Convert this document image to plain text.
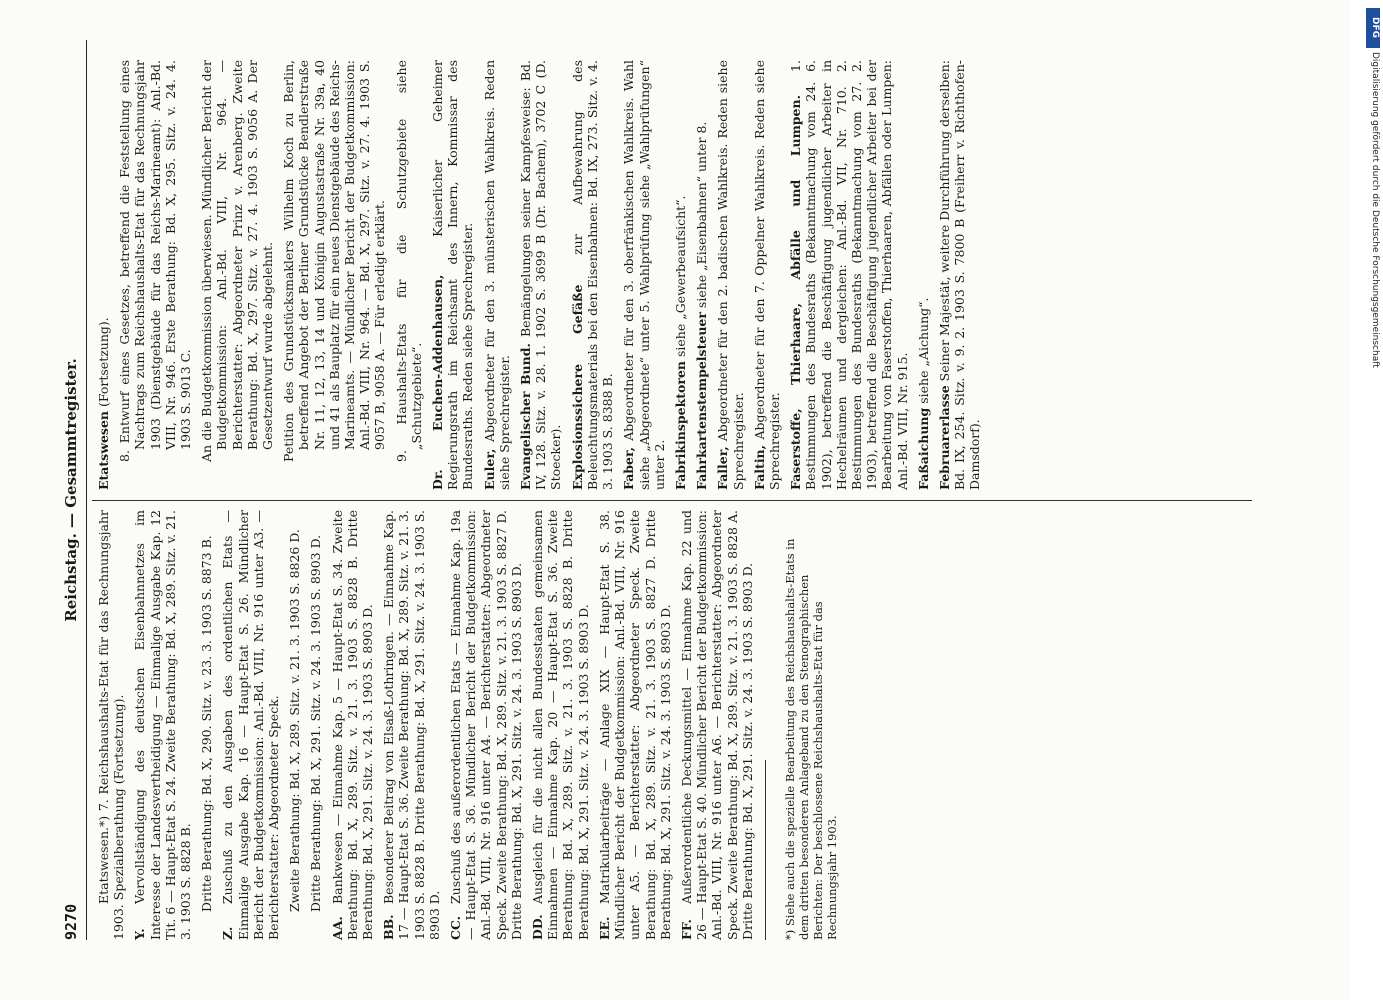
9270
Reichstag. — Gesammtregister.

Etatswesen.*) 7. Reichshaushalts-Etat für das Rechnungsjahr 1903. Spezialberathung (Fortsetzung). Y.Vervollständigung des deutschen Eisenbahnnetzes im Interesse der Landesvertheidigung — Einmalige Ausgabe Kap. 12 Tit. 6 — Haupt-Etat S. 24. Zweite Berathung: Bd. X, 289. Sitz. v. 21. 3. 1903 S. 8828 B. Dritte Berathung: Bd. X, 290. Sitz. v. 23. 3. 1903 S. 8873 B.

Z.Zuschuß zu den Ausgaben des ordentlichen Etats — Einmalige Ausgabe Kap. 16 — Haupt-Etat S. 26. Mündlicher Bericht der Budgetkommission: Anl.-Bd. VIII, Nr. 916 unter A3. — Berichterstatter: Abgeordneter Speck. Zweite Berathung: Bd. X, 289. Sitz. v. 21. 3. 1903 S. 8826 D. Dritte Berathung: Bd. X, 291. Sitz. v. 24. 3. 1903 S. 8903 D.

AA.Bankwesen — Einnahme Kap. 5 — Haupt-Etat S. 34. Zweite Berathung: Bd. X, 289. Sitz. v. 21. 3. 1903 S. 8828 B. Dritte Berathung: Bd. X, 291. Sitz. v. 24. 3. 1903 S. 8903 D. BB.Besonderer Beitrag von Elsaß-Lothringen. — Einnahme Kap. 17 — Haupt-Etat S. 36. Zweite Berathung: Bd. X, 289. Sitz. v. 21. 3. 1903 S. 8828 B. Dritte Berathung: Bd. X, 291. Sitz. v. 24. 3. 1903 S. 8903 D. CC.Zuschuß des außerordentlichen Etats — Einnahme Kap. 19a — Haupt-Etat S. 36. Mündlicher Bericht der Budgetkommission: Anl.-Bd. VIII, Nr. 916 unter A4. — Berichterstatter: Abgeordneter Speck. Zweite Berathung: Bd. X, 289. Sitz. v. 21. 3. 1903 S. 8827 D. Dritte Berathung: Bd. X, 291. Sitz. v. 24. 3. 1903 S. 8903 D. DD.Ausgleich für die nicht allen Bundesstaaten gemeinsamen Einnahmen — Einnahme Kap. 20 — Haupt-Etat S. 36. Zweite Berathung: Bd. X, 289. Sitz. v. 21. 3. 1903 S. 8828 B. Dritte Berathung: Bd. X, 291. Sitz. v. 24. 3. 1903 S. 8903 D. EE.Matrikularbeiträge — Anlage XIX — Haupt-Etat S. 38. Mündlicher Bericht der Budgetkommission: Anl.-Bd. VIII, Nr. 916 unter A5. — Berichterstatter: Abgeordneter Speck. Zweite Berathung: Bd. X, 289. Sitz. v. 21. 3. 1903 S. 8827 D. Dritte Berathung: Bd. X, 291. Sitz. v. 24. 3. 1903 S. 8903 D. FF.Außerordentliche Deckungsmittel — Einnahme Kap. 22 und 26 — Haupt-Etat S. 40. Mündlicher Bericht der Budgetkommission: Anl.-Bd. VIII, Nr. 916 unter A6. — Berichterstatter: Abgeordneter Speck. Zweite Berathung: Bd. X, 289. Sitz. v. 21. 3. 1903 S. 8828 A. Dritte Berathung: Bd. X, 291. Sitz. v. 24. 3. 1903 S. 8903 D. *) Siehe auch die spezielle Bearbeitung des Reichshaushalts-Etats in dem dritten besonderen Anlageband zu den Stenographischen Berichten: Der beschlossene Reichshaushalts-Etat für das Rechnungsjahr 1903.

Etatswesen (Fortsetzung). 8. Entwurf eines Gesetzes, betreffend die Feststellung eines Nachtrags zum Reichshaushalts-Etat für das Rechnungsjahr 1903 (Dienstgebäude für das Reichs-Marineamt): Anl.-Bd. VIII, Nr. 946. Erste Berathung: Bd. X, 295. Sitz. v. 24. 4. 1903 S. 9013 C. An die Budgetkommission überwiesen. Mündlicher Bericht der Budgetkommission: Anl.-Bd. VIII, Nr. 964. — Berichterstatter: Abgeordneter Prinz v. Arenberg. Zweite Berathung: Bd. X, 297. Sitz. v. 27. 4. 1903 S. 9056 A. Der Gesetzentwurf wurde abgelehnt. Petition des Grundstücksmaklers Wilhelm Koch zu Berlin, betreffend Angebot der Berliner Grundstücke Bendlerstraße Nr. 11, 12, 13, 14 und Königin Augustastraße Nr. 39a, 40 und 41 als Bauplatz für ein neues Dienstgebäude des Reichs-Marineamts. — Mündlicher Bericht der Budgetkommission: Anl.-Bd. VIII, Nr. 964. — Bd. X, 297. Sitz. v. 27. 4. 1903 S. 9057 B, 9058 A. — Für erledigt erklärt. 9. Haushalts-Etats für die Schutzgebiete siehe „Schutzgebiete“. Dr. Euchen-Addenhausen, Kaiserlicher Geheimer Regierungsrath im Reichsamt des Innern, Kommissar des Bundesraths. Reden siehe Sprechregister. Euler, Abgeordneter für den 3. münsterischen Wahlkreis. Reden siehe Sprechregister. Evangelischer Bund. Bemängelungen seiner Kampfesweise: Bd. IV, 128. Sitz. v. 28. 1. 1902 S. 3699 B (Dr. Bachem), 3702 C (D. Stoecker). Explosionssichere Gefäße zur Aufbewahrung des Beleuchtungsmaterials bei den Eisenbahnen: Bd. IX, 273. Sitz. v. 4. 3. 1903 S. 8388 B. Faber, Abgeordneter für den 3. oberfränkischen Wahlkreis. Wahl siehe „Abgeordnete“ unter 5. Wahlprüfung siehe „Wahlprüfungen“ unter 2. Fabrikinspektoren siehe „Gewerbeaufsicht“.

Fahrkartenstempelsteuer siehe „Eisenbahnen“ unter 8.

Faller, Abgeordneter für den 2. badischen Wahlkreis. Reden siehe Sprechregister. Faltin, Abgeordneter für den 7. Oppelner Wahlkreis. Reden siehe Sprechregister. Faserstoffe, Thierhaare, Abfälle und Lumpen. 1. Bestimmungen des Bundesraths (Bekanntmachung vom 24. 6. 1902), betreffend die Beschäftigung jugendlicher Arbeiter in Hechelräumen und dergleichen: Anl.-Bd. VII, Nr. 710. 2. Bestimmungen des Bundesraths (Bekanntmachung vom 27. 2. 1903), betreffend die Beschäftigung jugendlicher Arbeiter bei der Bearbeitung von Faserstoffen, Thierhaaren, Abfällen oder Lumpen: Anl.-Bd. VIII, Nr. 915. Faßaichung siehe „Aichung“.

Februarerlasse Seiner Majestät, weitere Durchführung derselben: Bd. IX, 254. Sitz. v. 9. 2. 1903 S. 7800 B (Freiherr v. Richthofen-Damsdorf).

DFG
Digitalisierung gefördert durch die Deutsche Forschungsgemeinschaft
